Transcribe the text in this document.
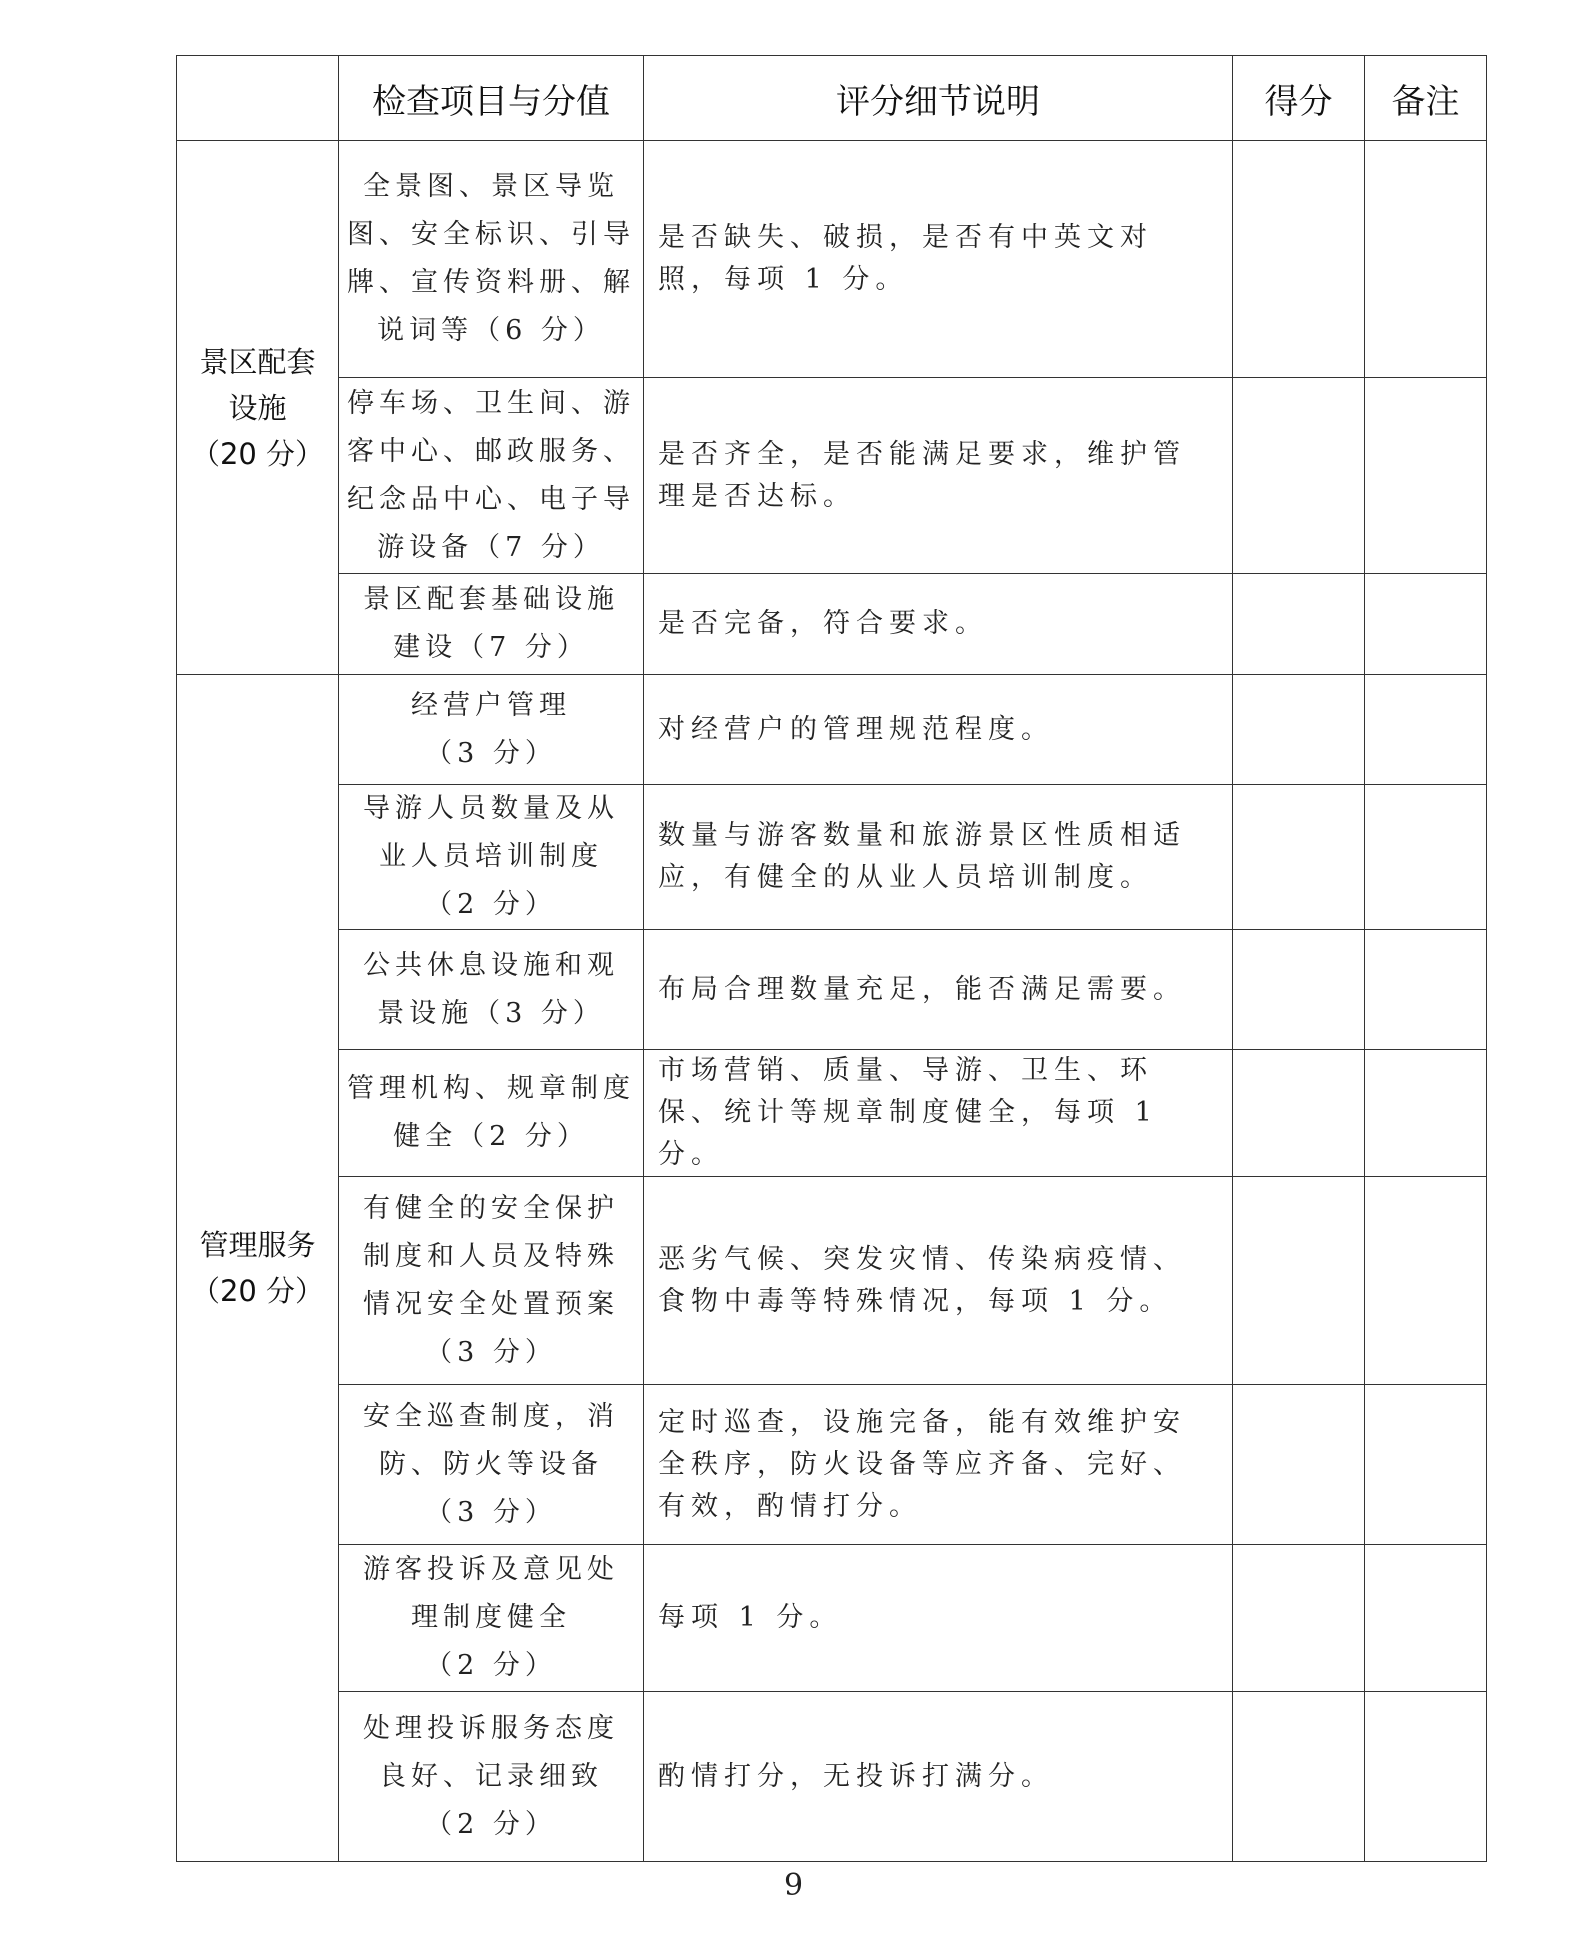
	检查项目与分值	评分细节说明	得分	备注

景区配套
设施
（20 分）	全景图、景区导览
图、安全标识、引导
牌、宣传资料册、解
说词等（6 分）	是否缺失、破损，是否有中英文对照，每项 1 分。		

	停车场、卫生间、游
客中心、邮政服务、
纪念品中心、电子导
游设备（7 分）	是否齐全，是否能满足要求，维护管理是否达标。		

	景区配套基础设施
建设（7 分）	是否完备，符合要求。		

管理服务
（20 分）	经营户管理
（3 分）	对经营户的管理规范程度。		

	导游人员数量及从
业人员培训制度
（2 分）	数量与游客数量和旅游景区性质相适应，有健全的从业人员培训制度。		

	公共休息设施和观
景设施（3 分）	布局合理数量充足，能否满足需要。		

	管理机构、规章制度
健全（2 分）	市场营销、质量、导游、卫生、环保、统计等规章制度健全，每项 1 分。		

	有健全的安全保护
制度和人员及特殊
情况安全处置预案
（3 分）	恶劣气候、突发灾情、传染病疫情、食物中毒等特殊情况，每项 1 分。		

	安全巡查制度，消
防、防火等设备
（3 分）	定时巡查，设施完备，能有效维护安全秩序，防火设备等应齐备、完好、有效，酌情打分。		

	游客投诉及意见处
理制度健全
（2 分）	每项 1 分。		

	处理投诉服务态度
良好、记录细致
（2 分）	酌情打分，无投诉打满分。		
9
